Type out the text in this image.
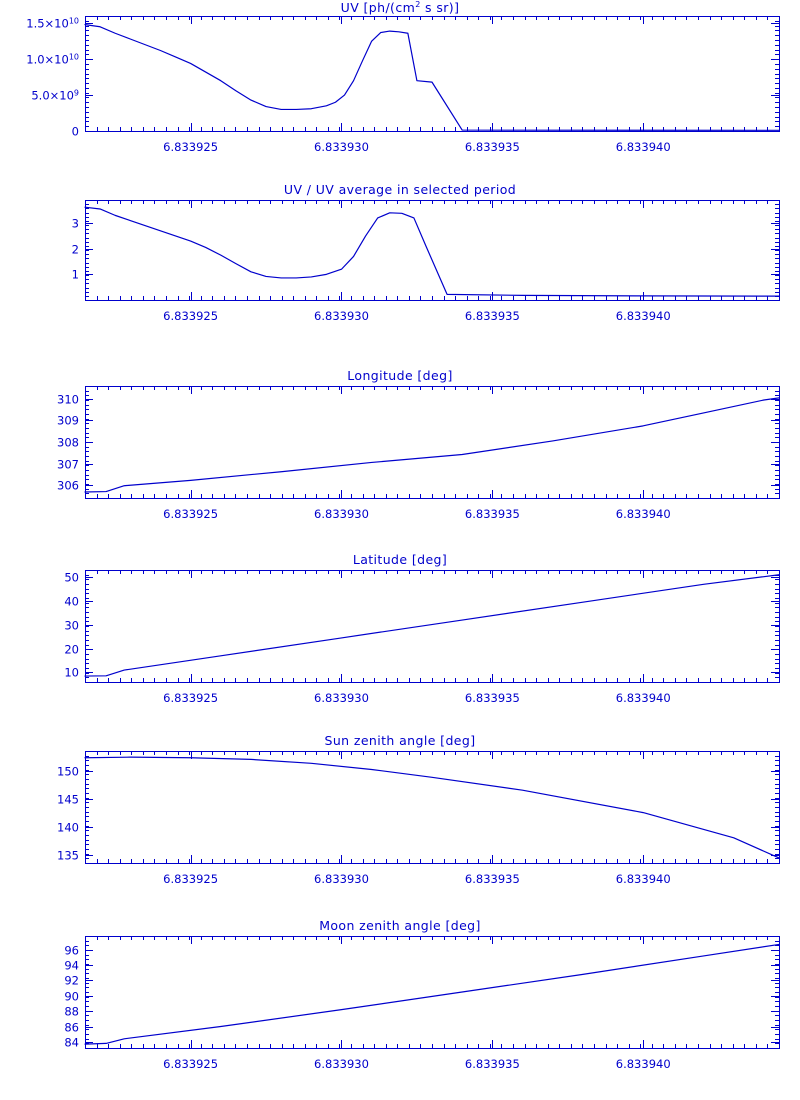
UV [$ph/(cm^2$ s sr)]
0
$5.0\times 10^9$
$1.0\times 10^{10}$
$1.5\times 10^{10}$
6.833925	6.833930	6.833935	6.833940
UV / UV average in selected period
1
2
3
6.833925	6.833930	6.833935	6.833940
Longitude [deg]
306
307
308
309
310
6.833925	6.833930	6.833935	6.833940
Latitude [deg]
10
20
30
40
50
6.833925	6.833930	6.833935	6.833940
Sun zenith angle [deg]
135
140
145
150
6.833925	6.833930	6.833935	6.833940
Moon zenith angle [deg]
84
86
88
90
92
94
96
6.833925	6.833930	6.833935	6.833940
